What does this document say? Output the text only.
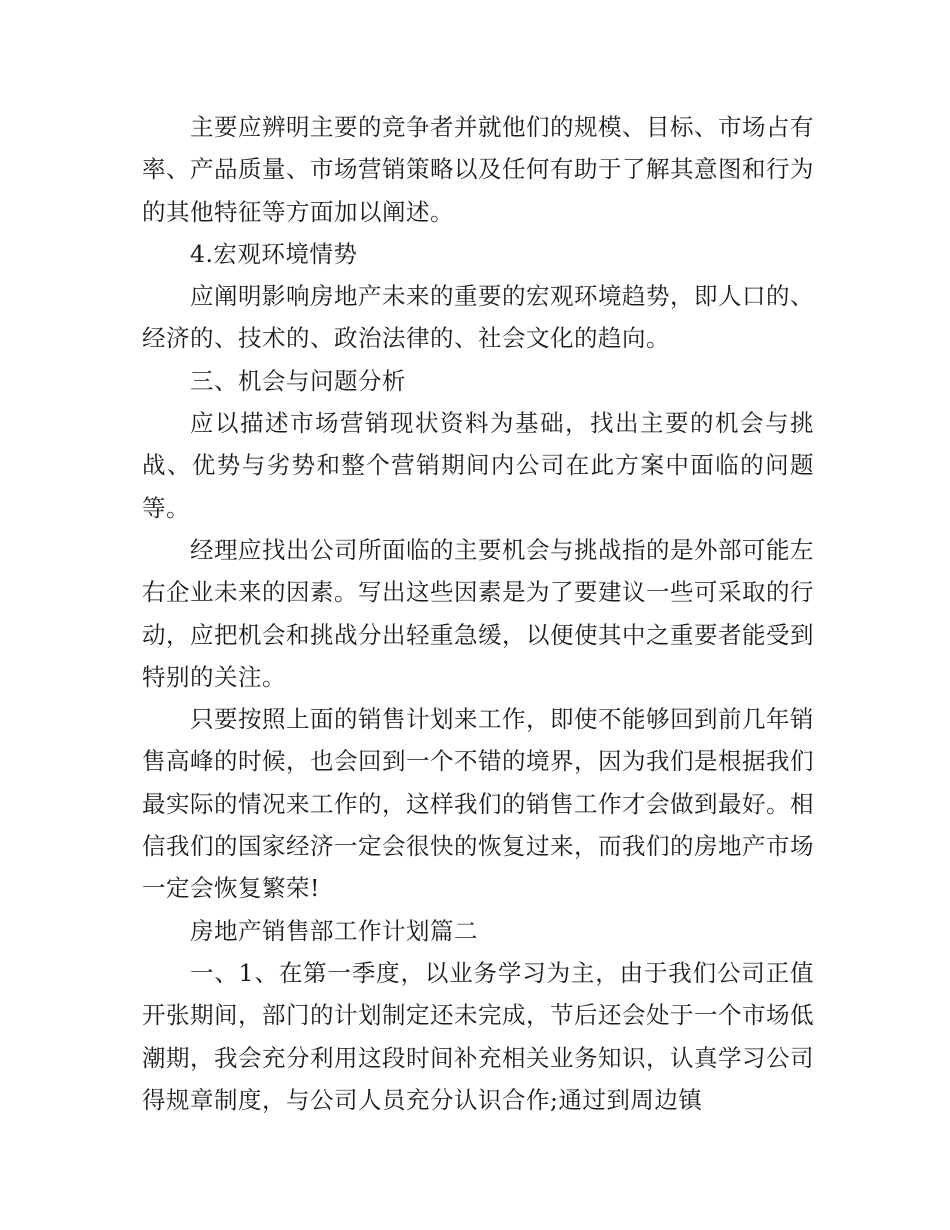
主要应辨明主要的竞争者并就他们的规模、目标、市场占有率、产品质量、市场营销策略以及任何有助于了解其意图和行为的其他特征等方面加以阐述。

4.宏观环境情势

应阐明影响房地产未来的重要的宏观环境趋势，即人口的、经济的、技术的、政治法律的、社会文化的趋向。

三、机会与问题分析

应以描述市场营销现状资料为基础，找出主要的机会与挑战、优势与劣势和整个营销期间内公司在此方案中面临的问题等。

经理应找出公司所面临的主要机会与挑战指的是外部可能左右企业未来的因素。写出这些因素是为了要建议一些可采取的行动，应把机会和挑战分出轻重急缓，以便使其中之重要者能受到特别的关注。

只要按照上面的销售计划来工作，即使不能够回到前几年销售高峰的时候，也会回到一个不错的境界，因为我们是根据我们最实际的情况来工作的，这样我们的销售工作才会做到最好。相信我们的国家经济一定会很快的恢复过来，而我们的房地产市场一定会恢复繁荣!

房地产销售部工作计划篇二

一、1、在第一季度，以业务学习为主，由于我们公司正值开张期间，部门的计划制定还未完成，节后还会处于一个市场低潮期，我会充分利用这段时间补充相关业务知识，认真学习公司得规章制度，与公司人员充分认识合作;通过到周边镇
